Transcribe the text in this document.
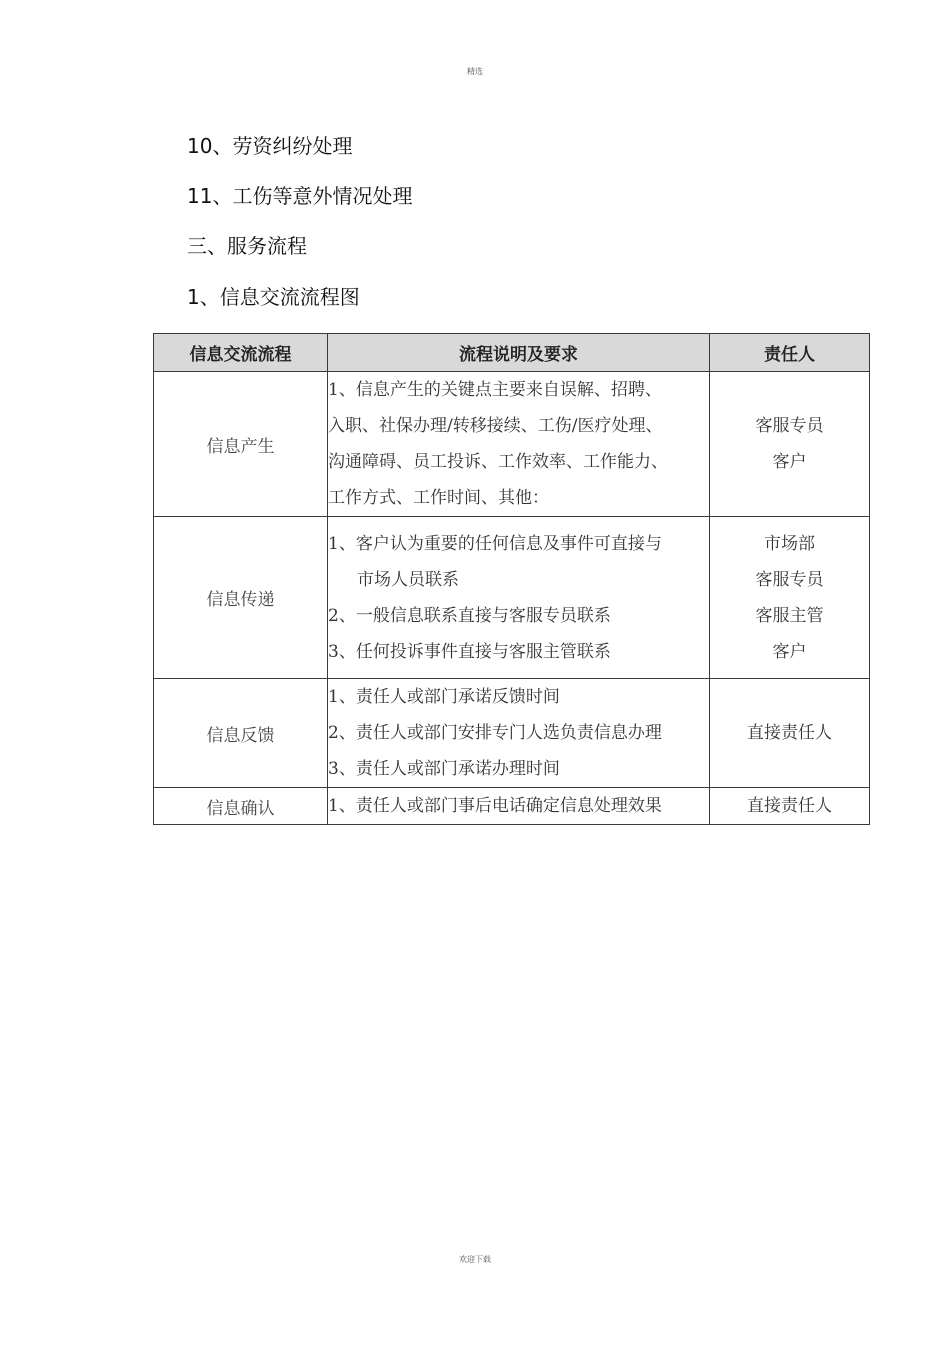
精选
10、劳资纠纷处理
11、工伤等意外情况处理
三、服务流程
1、信息交流流程图
信息交流流程	流程说明及要求	责任人
信息产生	1、信息产生的关键点主要来自误解、招聘、
入职、社保办理/转移接续、工伤/医疗处理、
沟通障碍、员工投诉、工作效率、工作能力、
工作方式、工作时间、其他：	客服专员
客户

信息传递	1、客户认为重要的任何信息及事件可直接与
市场人员联系
2、一般信息联系直接与客服专员联系
3、任何投诉事件直接与客服主管联系	市场部
客服专员
客服主管
客户

信息反馈	1、责任人或部门承诺反馈时间
2、责任人或部门安排专门人选负责信息办理
3、责任人或部门承诺办理时间	直接责任人

信息确认	1、责任人或部门事后电话确定信息处理效果	直接责任人
欢迎下载
